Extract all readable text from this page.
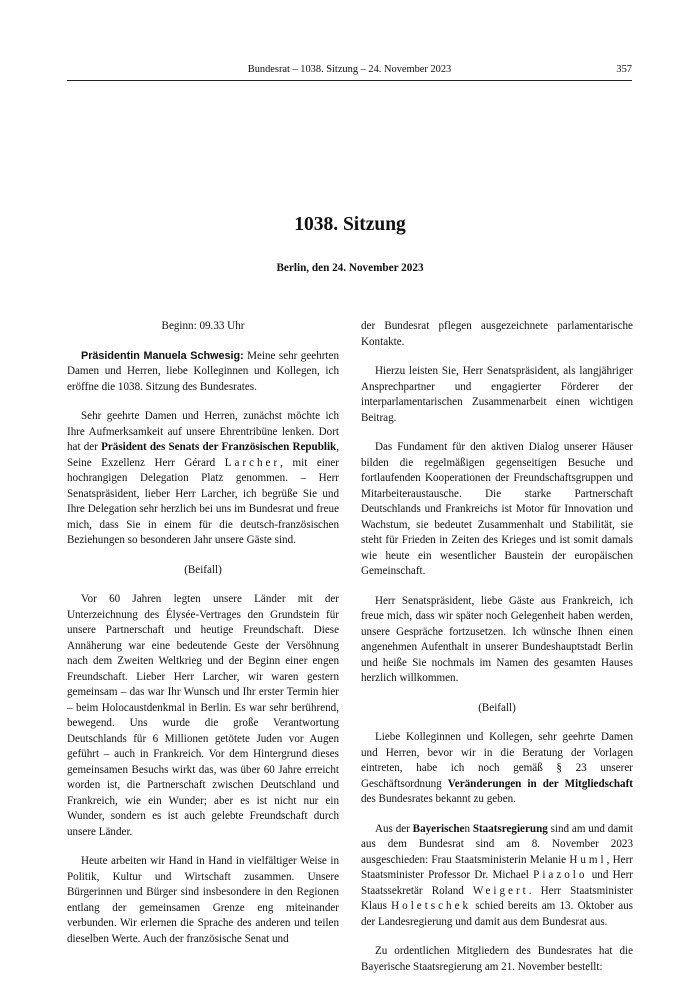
Bundesrat – 1038. Sitzung – 24. November 2023	357
1038. Sitzung
Berlin, den 24. November 2023

Beginn: 09.33 Uhr

Präsidentin Manuela Schwesig: Meine sehr geehrten Damen und Herren, liebe Kolleginnen und Kollegen, ich eröffne die 1038. Sitzung des Bundesrates.

Sehr geehrte Damen und Herren, zunächst möchte ich Ihre Aufmerksamkeit auf unsere Ehrentribüne lenken. Dort hat der Präsident des Senats der Französischen Republik, Seine Exzellenz Herr Gérard Larcher, mit einer hochrangigen Delegation Platz genommen. – Herr Senatspräsident, lieber Herr Larcher, ich begrüße Sie und Ihre Delegation sehr herzlich bei uns im Bundesrat und freue mich, dass Sie in einem für die deutsch-französischen Beziehungen so besonderen Jahr unsere Gäste sind.

(Beifall)

Vor 60 Jahren legten unsere Länder mit der Unterzeichnung des Élysée-Vertrages den Grundstein für unsere Partnerschaft und heutige Freundschaft. Diese Annäherung war eine bedeutende Geste der Versöhnung nach dem Zweiten Weltkrieg und der Beginn einer engen Freundschaft. Lieber Herr Larcher, wir waren gestern gemeinsam – das war Ihr Wunsch und Ihr erster Termin hier – beim Holocaustdenkmal in Berlin. Es war sehr berührend, bewegend. Uns wurde die große Verantwortung Deutschlands für 6 Millionen getötete Juden vor Augen geführt – auch in Frankreich. Vor dem Hintergrund dieses gemeinsamen Besuchs wirkt das, was über 60 Jahre erreicht worden ist, die Partnerschaft zwischen Deutschland und Frankreich, wie ein Wunder; aber es ist nicht nur ein Wunder, sondern es ist auch gelebte Freundschaft durch unsere Länder.

Heute arbeiten wir Hand in Hand in vielfältiger Weise in Politik, Kultur und Wirtschaft zusammen. Unsere Bürgerinnen und Bürger sind insbesondere in den Regionen entlang der gemeinsamen Grenze eng miteinander verbunden. Wir erlernen die Sprache des anderen und teilen dieselben Werte. Auch der französische Senat und

der Bundesrat pflegen ausgezeichnete parlamentarische Kontakte.

Hierzu leisten Sie, Herr Senatspräsident, als langjähriger Ansprechpartner und engagierter Förderer der interparlamentarischen Zusammenarbeit einen wichtigen Beitrag.

Das Fundament für den aktiven Dialog unserer Häuser bilden die regelmäßigen gegenseitigen Besuche und fortlaufenden Kooperationen der Freundschaftsgruppen und Mitarbeiteraustausche. Die starke Partnerschaft Deutschlands und Frankreichs ist Motor für Innovation und Wachstum, sie bedeutet Zusammenhalt und Stabilität, sie steht für Frieden in Zeiten des Krieges und ist somit damals wie heute ein wesentlicher Baustein der europäischen Gemeinschaft.

Herr Senatspräsident, liebe Gäste aus Frankreich, ich freue mich, dass wir später noch Gelegenheit haben werden, unsere Gespräche fortzusetzen. Ich wünsche Ihnen einen angenehmen Aufenthalt in unserer Bundeshauptstadt Berlin und heiße Sie nochmals im Namen des gesamten Hauses herzlich willkommen.

(Beifall)

Liebe Kolleginnen und Kollegen, sehr geehrte Damen und Herren, bevor wir in die Beratung der Vorlagen eintreten, habe ich noch gemäß § 23 unserer Geschäftsordnung Veränderungen in der Mitgliedschaft des Bundesrates bekannt zu geben.

Aus der Bayerischen Staatsregierung sind am und damit aus dem Bundesrat sind am 8. November 2023 ausgeschieden: Frau Staatsministerin Melanie Huml, Herr Staatsminister Professor Dr. Michael Piazolo und Herr Staatssekretär Roland Weigert. Herr Staatsminister Klaus Holetschek schied bereits am 13. Oktober aus der Landesregierung und damit aus dem Bundesrat aus.

Zu ordentlichen Mitgliedern des Bundesrates hat die Bayerische Staatsregierung am 21. November bestellt:
